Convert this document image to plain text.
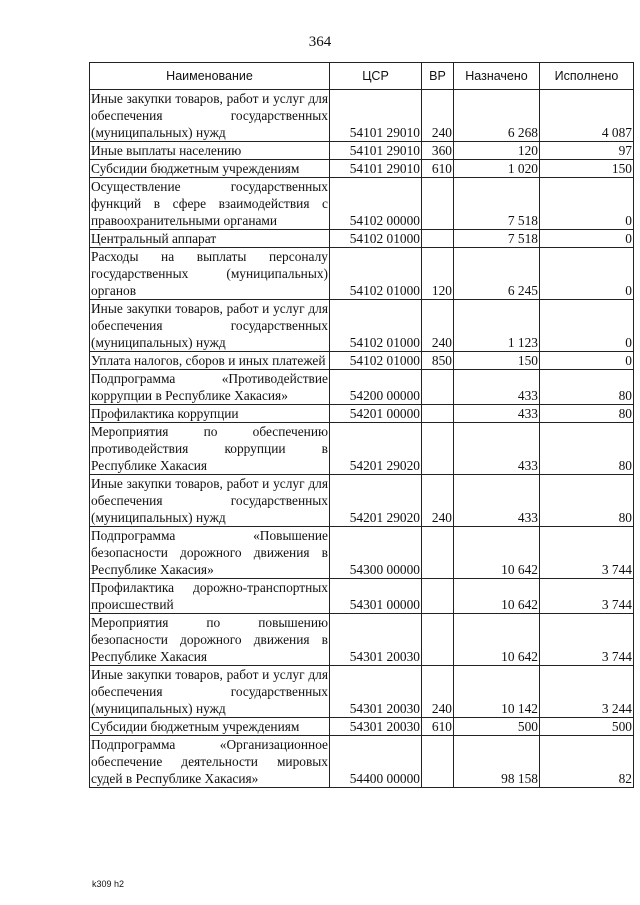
364
Наименование	ЦСР	ВР	Назначено	Исполнено
Иные закупки товаров, работ и услуг для обеспечения государственных (муниципальных) нужд	54101 29010	240	6 268	4 087
Иные выплаты населению	54101 29010	360	120	97
Субсидии бюджетным учреждениям	54101 29010	610	1 020	150
Осуществление государственных функций в сфере взаимодействия с правоохранительными органами	54102 00000		7 518	0
Центральный аппарат	54102 01000		7 518	0
Расходы на выплаты персоналу государственных (муниципальных) органов	54102 01000	120	6 245	0
Иные закупки товаров, работ и услуг для обеспечения государственных (муниципальных) нужд	54102 01000	240	1 123	0
Уплата налогов, сборов и иных платежей	54102 01000	850	150	0
Подпрограмма «Противодействие коррупции в Республике Хакасия»	54200 00000		433	80
Профилактика коррупции	54201 00000		433	80
Мероприятия по обеспечению противодействия коррупции в Республике Хакасия	54201 29020		433	80
Иные закупки товаров, работ и услуг для обеспечения государственных (муниципальных) нужд	54201 29020	240	433	80
Подпрограмма «Повышение безопасности дорожного движения в Республике Хакасия»	54300 00000		10 642	3 744
Профилактика дорожно-транспортных происшествий	54301 00000		10 642	3 744
Мероприятия по повышению безопасности дорожного движения в Республике Хакасия	54301 20030		10 642	3 744
Иные закупки товаров, работ и услуг для обеспечения государственных (муниципальных) нужд	54301 20030	240	10 142	3 244
Субсидии бюджетным учреждениям	54301 20030	610	500	500
Подпрограмма «Организационное обеспечение деятельности мировых судей в Республике Хакасия»	54400 00000		98 158	82
k309 h2
